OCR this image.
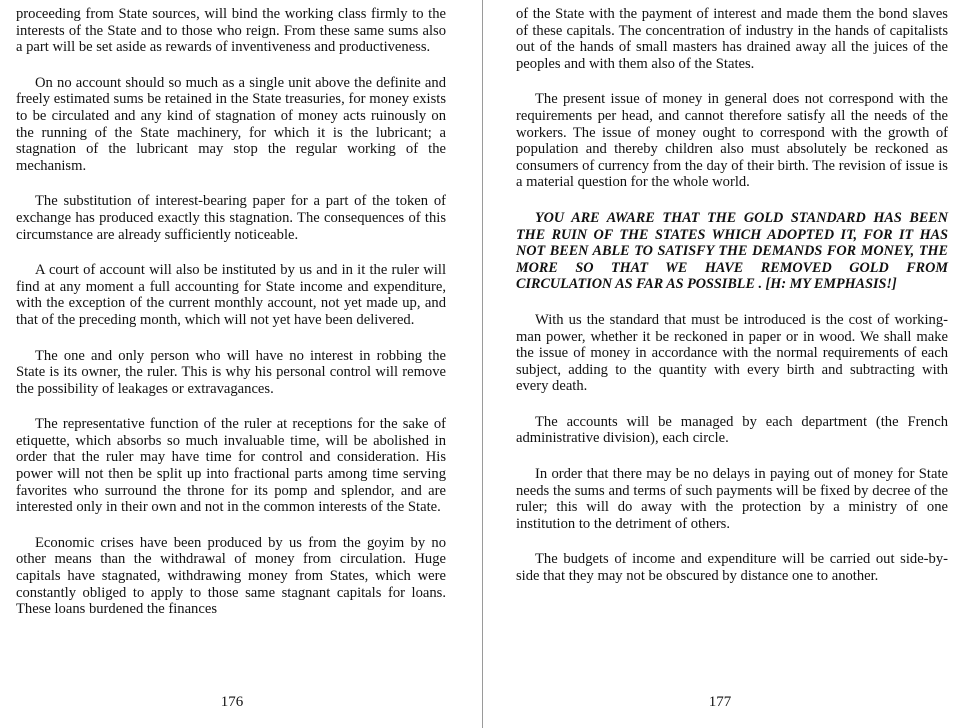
proceeding from State sources, will bind the working class firmly to the interests of the State and to those who reign. From these same sums also a part will be set aside as rewards of inventiveness and productiveness.

On no account should so much as a single unit above the definite and freely estimated sums be retained in the State treasuries, for money exists to be circulated and any kind of stagnation of money acts ruinously on the running of the State machinery, for which it is the lubricant; a stagnation of the lubricant may stop the regular working of the mechanism.

The substitution of interest-bearing paper for a part of the token of exchange has produced exactly this stagnation. The consequences of this circumstance are already sufficiently noticeable.

A court of account will also be instituted by us and in it the ruler will find at any moment a full accounting for State income and expenditure, with the exception of the current monthly account, not yet made up, and that of the preceding month, which will not yet have been delivered.

The one and only person who will have no interest in robbing the State is its owner, the ruler. This is why his personal control will remove the possibility of leakages or extravagances.

The representative function of the ruler at receptions for the sake of etiquette, which absorbs so much invaluable time, will be abolished in order that the ruler may have time for control and consideration. His power will not then be split up into fractional parts among time serving favorites who surround the throne for its pomp and splendor, and are interested only in their own and not in the common interests of the State.

Economic crises have been produced by us from the goyim by no other means than the withdrawal of money from circulation. Huge capitals have stagnated, withdrawing money from States, which were constantly obliged to apply to those same stagnant capitals for loans. These loans burdened the finances

176

of the State with the payment of interest and made them the bond slaves of these capitals. The concentration of industry in the hands of capitalists out of the hands of small masters has drained away all the juices of the peoples and with them also of the States.

The present issue of money in general does not correspond with the requirements per head, and cannot therefore satisfy all the needs of the workers. The issue of money ought to correspond with the growth of population and thereby children also must absolutely be reckoned as consumers of currency from the day of their birth. The revision of issue is a material question for the whole world.

YOU ARE AWARE THAT THE GOLD STANDARD HAS BEEN THE RUIN OF THE STATES WHICH ADOPTED IT, FOR IT HAS NOT BEEN ABLE TO SATISFY THE DEMANDS FOR MONEY, THE MORE SO THAT WE HAVE REMOVED GOLD FROM CIRCULATION AS FAR AS POSSIBLE . [H: MY EMPHASIS!]

With us the standard that must be introduced is the cost of working-man power, whether it be reckoned in paper or in wood. We shall make the issue of money in accordance with the normal requirements of each subject, adding to the quantity with every birth and subtracting with every death.

The accounts will be managed by each department (the French administrative division), each circle.

In order that there may be no delays in paying out of money for State needs the sums and terms of such payments will be fixed by decree of the ruler; this will do away with the protection by a ministry of one institution to the detriment of others.

The budgets of income and expenditure will be carried out side-by-side that they may not be obscured by distance one to another.

177
